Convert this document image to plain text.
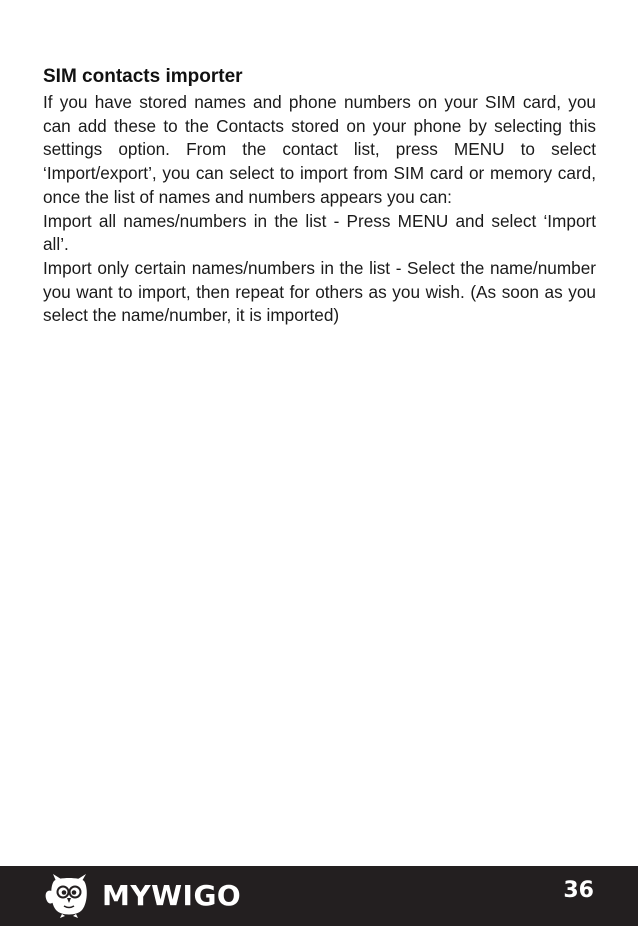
SIM contacts importer

If you have stored names and phone numbers on your SIM card, you can add these to the Contacts stored on your phone by selecting this settings option. From the contact list, press MENU to select ‘Import/export’, you can select to import from SIM card or memory card, once the list of names and numbers appears you can:

Import all names/numbers in the list - Press MENU and select ‘Import all’.

Import only certain names/numbers in the list - Select the name/number you want to import, then repeat for others as you wish. (As soon as you select the name/number, it is imported)

MYWIGO	36
